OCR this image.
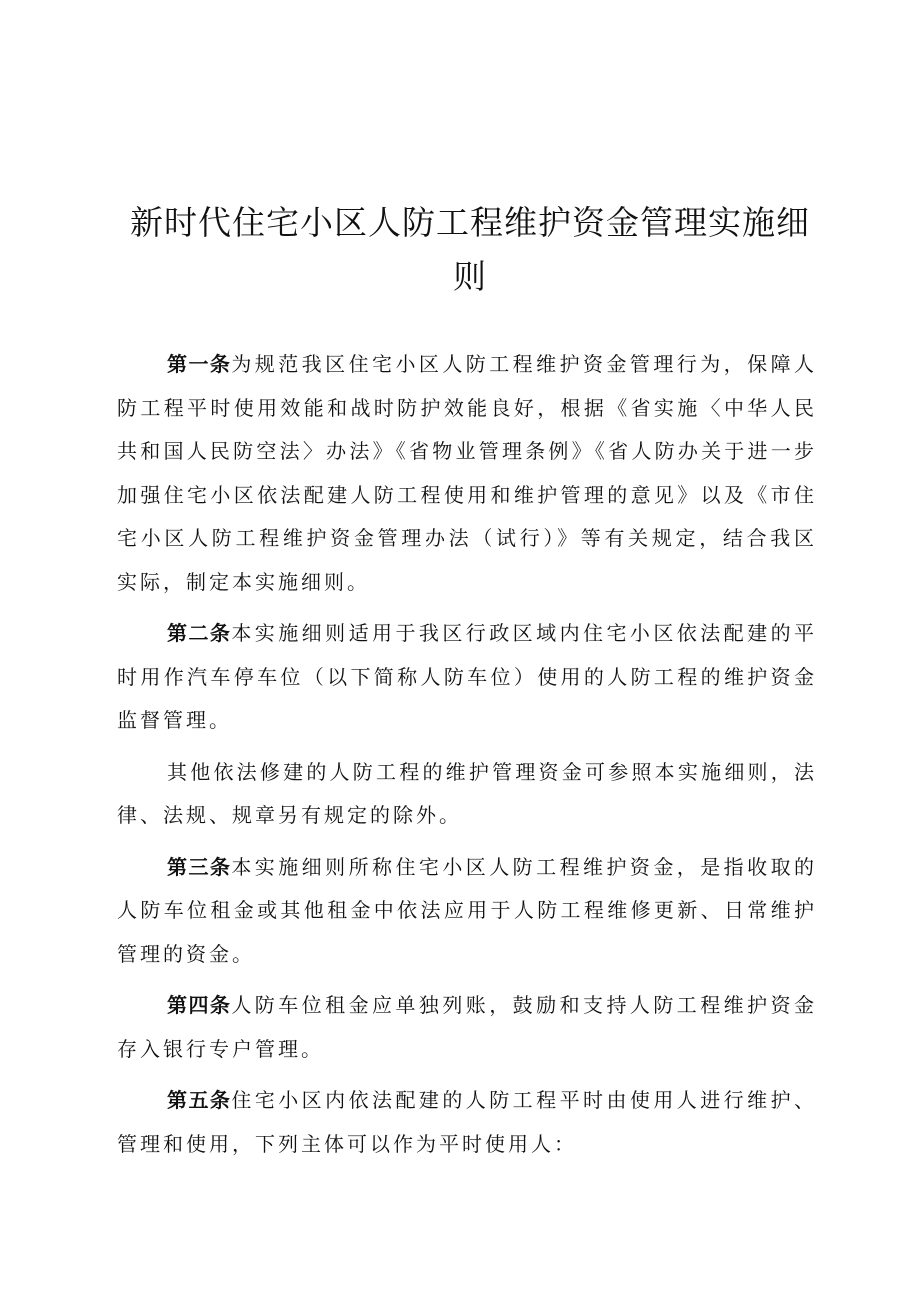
新时代住宅小区人防工程维护资金管理实施细则

第一条为规范我区住宅小区人防工程维护资金管理行为，保障人防工程平时使用效能和战时防护效能良好，根据《省实施〈中华人民共和国人民防空法〉办法》《省物业管理条例》《省人防办关于进一步加强住宅小区依法配建人防工程使用和维护管理的意见》以及《市住宅小区人防工程维护资金管理办法（试行）》等有关规定，结合我区实际，制定本实施细则。

第二条本实施细则适用于我区行政区域内住宅小区依法配建的平时用作汽车停车位（以下简称人防车位）使用的人防工程的维护资金监督管理。

其他依法修建的人防工程的维护管理资金可参照本实施细则，法律、法规、规章另有规定的除外。

第三条本实施细则所称住宅小区人防工程维护资金，是指收取的人防车位租金或其他租金中依法应用于人防工程维修更新、日常维护管理的资金。

第四条人防车位租金应单独列账，鼓励和支持人防工程维护资金存入银行专户管理。

第五条住宅小区内依法配建的人防工程平时由使用人进行维护、管理和使用，下列主体可以作为平时使用人：
